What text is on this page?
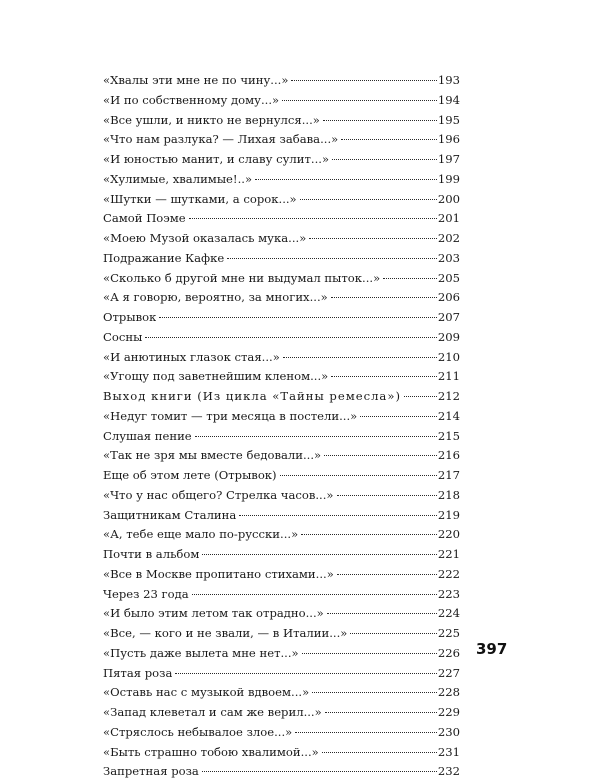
«Хвалы эти мне не по чину...»	193
«И по собственному дому...»	194
«Все ушли, и никто не вернулся...»	195
«Что нам разлука? — Лихая забава...»	196
«И юностью манит, и славу сулит...»	197
«Хулимые, хвалимые!..»	199
«Шутки — шутками, а сорок...»	200
Самой Поэме	201
«Моею Музой оказалась мука...»	202
Подражание Кафке	203
«Сколько б другой мне ни выдумал пыток...»	205
«А я говорю, вероятно, за многих...»	206
Отрывок	207
Сосны	209
«И анютиных глазок стая...»	210
«Угощу под заветнейшим кленом...»	211
Выход книги (Из цикла «Тайны ремесла»)	212
«Недуг томит — три месяца в постели...»	214
Слушая пение	215
«Так не зря мы вместе бедовали...»	216
Еще об этом лете (Отрывок)	217
«Что у нас общего? Стрелка часов...»	218
Защитникам Сталина	219
«А, тебе еще мало по-русски...»	220
Почти в альбом	221
«Все в Москве пропитано стихами...»	222
Через 23 года	223
«И было этим летом так отрадно...»	224
«Все, — кого и не звали, — в Италии...»	225
«Пусть даже вылета мне нет...»	226
Пятая роза	227
«Оставь нас с музыкой вдвоем...»	228
«Запад клеветал и сам же верил...»	229
«Стряслось небывалое злое...»	230
«Быть страшно тобою хвалимой...»	231
Запретная роза	232
397
